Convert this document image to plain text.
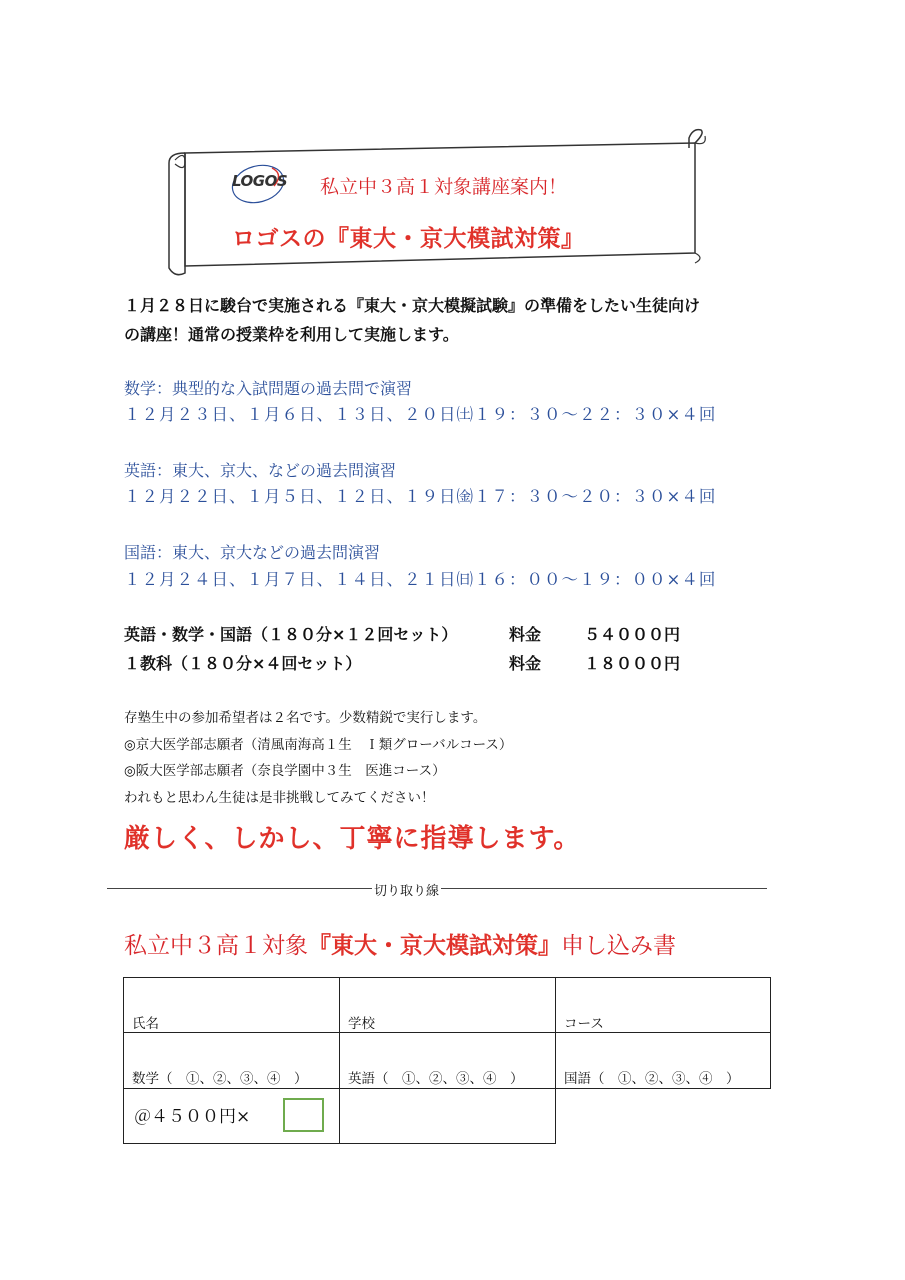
LOGOS 私立中３高１対象講座案内！
ロゴスの『東大・京大模試対策』
１月２８日に駿台で実施される『東大・京大模擬試験』の準備をしたい生徒向け
の講座！通常の授業枠を利用して実施します。
数学：典型的な入試問題の過去問で演習
１２月２３日、１月６日、１３日、２０日㈯１９：３０～２２：３０×４回
英語：東大、京大、などの過去問演習
１２月２２日、１月５日、１２日、１９日㈮１７：３０～２０：３０×４回
国語：東大、京大などの過去問演習
１２月２４日、１月７日、１４日、２１日㈰１６：００～１９：００×４回
英語・数学・国語（１８０分×１２回セット）	料金	５４０００円
１教科（１８０分×４回セット）	料金	１８０００円
存塾生中の参加希望者は２名です。少数精鋭で実行します。
◎京大医学部志願者（清風南海高１生　Ｉ類グローバルコース）
◎阪大医学部志願者（奈良学園中３生　医進コース）
われもと思わん生徒は是非挑戦してみてください！
厳しく、しかし、丁寧に指導します。
切り取り線
私立中３高１対象『東大・京大模試対策』申し込み書
氏名	学校	コース
数学（　①、②、③、④　）	英語（　①、②、③、④　）	国語（　①、②、③、④　）
＠４５００円×
